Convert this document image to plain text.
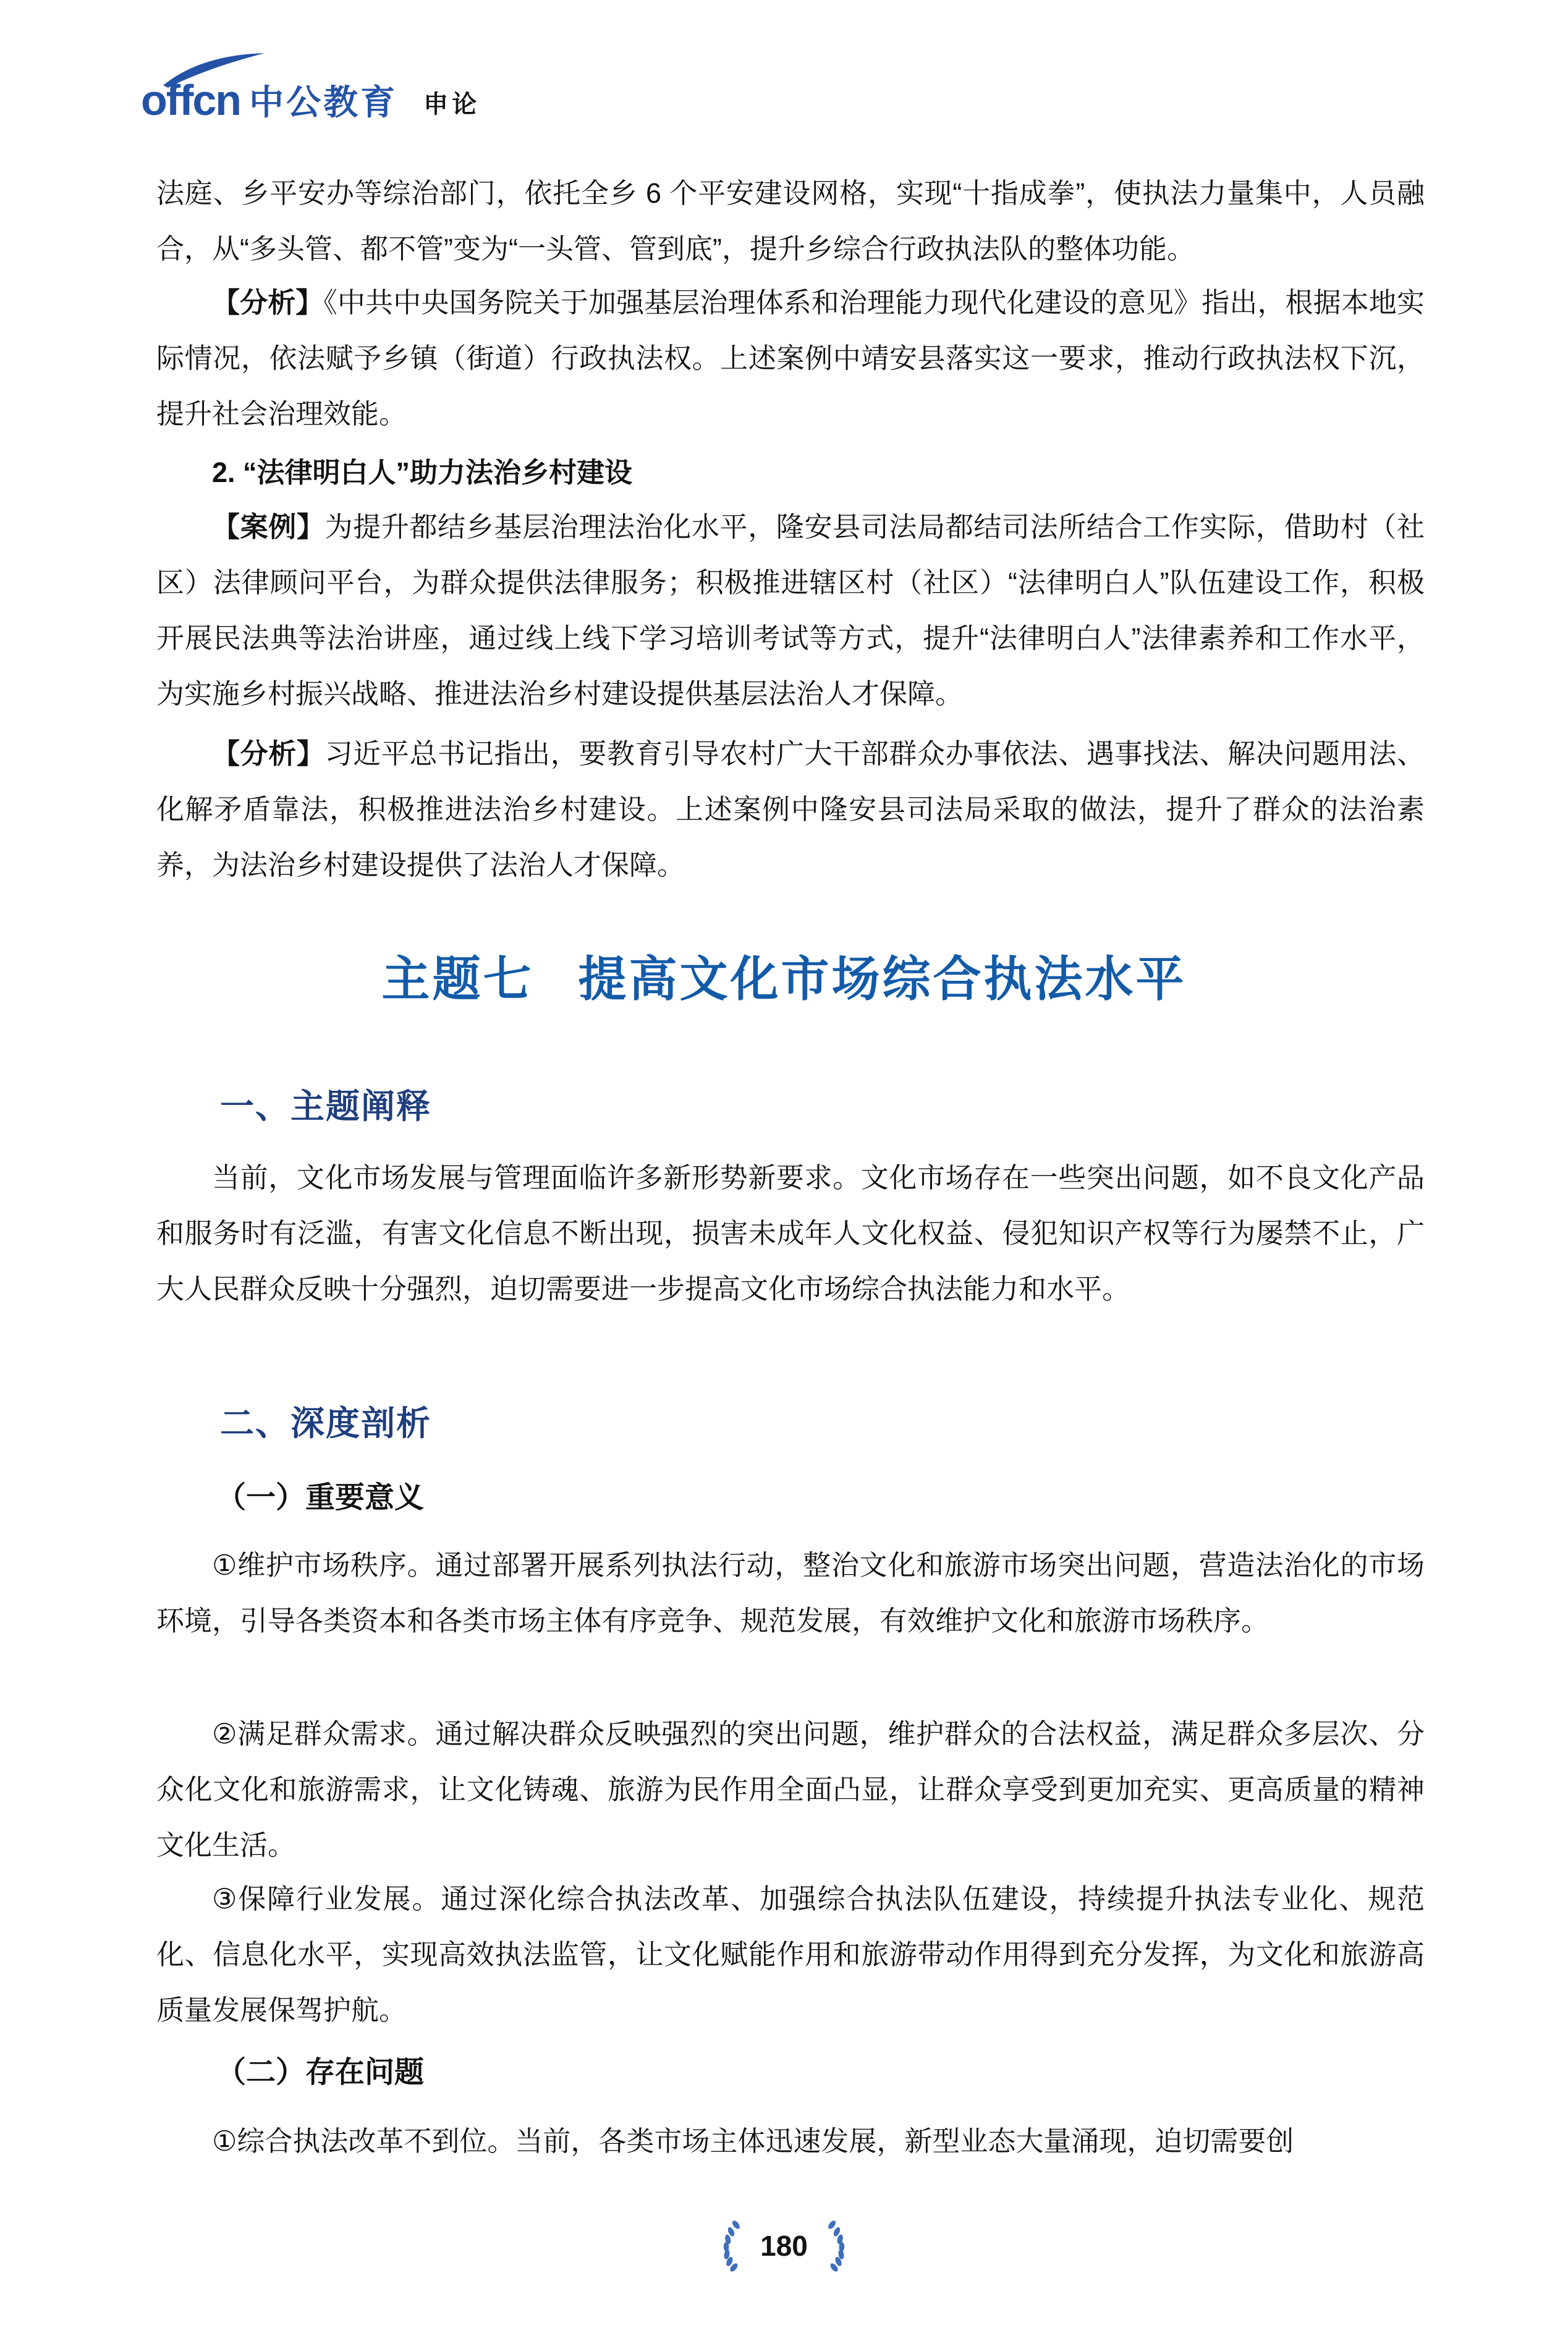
offcn 中公教育 申论

法庭、乡平安办等综治部门，依托全乡 6 个平安建设网格，实现“十指成拳”，使执法力量集中，人员融合，从“多头管、都不管”变为“一头管、管到底”，提升乡综合行政执法队的整体功能。

【分析】《中共中央国务院关于加强基层治理体系和治理能力现代化建设的意见》指出，根据本地实际情况，依法赋予乡镇（街道）行政执法权。上述案例中靖安县落实这一要求，推动行政执法权下沉，提升社会治理效能。

2. “法律明白人”助力法治乡村建设

【案例】为提升都结乡基层治理法治化水平，隆安县司法局都结司法所结合工作实际，借助村（社区）法律顾问平台，为群众提供法律服务；积极推进辖区村（社区）“法律明白人”队伍建设工作，积极开展民法典等法治讲座，通过线上线下学习培训考试等方式，提升“法律明白人”法律素养和工作水平，为实施乡村振兴战略、推进法治乡村建设提供基层法治人才保障。

【分析】习近平总书记指出，要教育引导农村广大干部群众办事依法、遇事找法、解决问题用法、化解矛盾靠法，积极推进法治乡村建设。上述案例中隆安县司法局采取的做法，提升了群众的法治素养，为法治乡村建设提供了法治人才保障。

主题七 提高文化市场综合执法水平
一、主题阐释

当前，文化市场发展与管理面临许多新形势新要求。文化市场存在一些突出问题，如不良文化产品和服务时有泛滥，有害文化信息不断出现，损害未成年人文化权益、侵犯知识产权等行为屡禁不止，广大人民群众反映十分强烈，迫切需要进一步提高文化市场综合执法能力和水平。

二、深度剖析
（一）重要意义

①维护市场秩序。通过部署开展系列执法行动，整治文化和旅游市场突出问题，营造法治化的市场环境，引导各类资本和各类市场主体有序竞争、规范发展，有效维护文化和旅游市场秩序。

②满足群众需求。通过解决群众反映强烈的突出问题，维护群众的合法权益，满足群众多层次、分众化文化和旅游需求，让文化铸魂、旅游为民作用全面凸显，让群众享受到更加充实、更高质量的精神文化生活。

③保障行业发展。通过深化综合执法改革、加强综合执法队伍建设，持续提升执法专业化、规范化、信息化水平，实现高效执法监管，让文化赋能作用和旅游带动作用得到充分发挥，为文化和旅游高质量发展保驾护航。

（二）存在问题

①综合执法改革不到位。当前，各类市场主体迅速发展，新型业态大量涌现，迫切需要创

180
